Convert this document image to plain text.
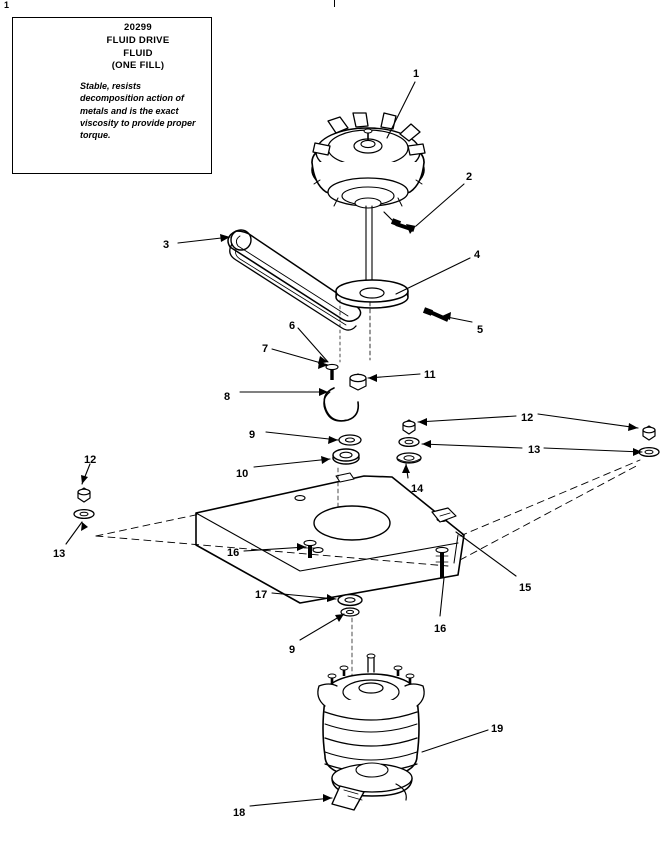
1
20299
FLUID DRIVE
FLUID
(ONE FILL)
Stable, resists decomposition action of metals and is the exact viscosity to provide proper torque.
1
2
3
4
5
6
7
8
9
10
11
12
13
14
12
13
15
16
16
17
9
18
19
